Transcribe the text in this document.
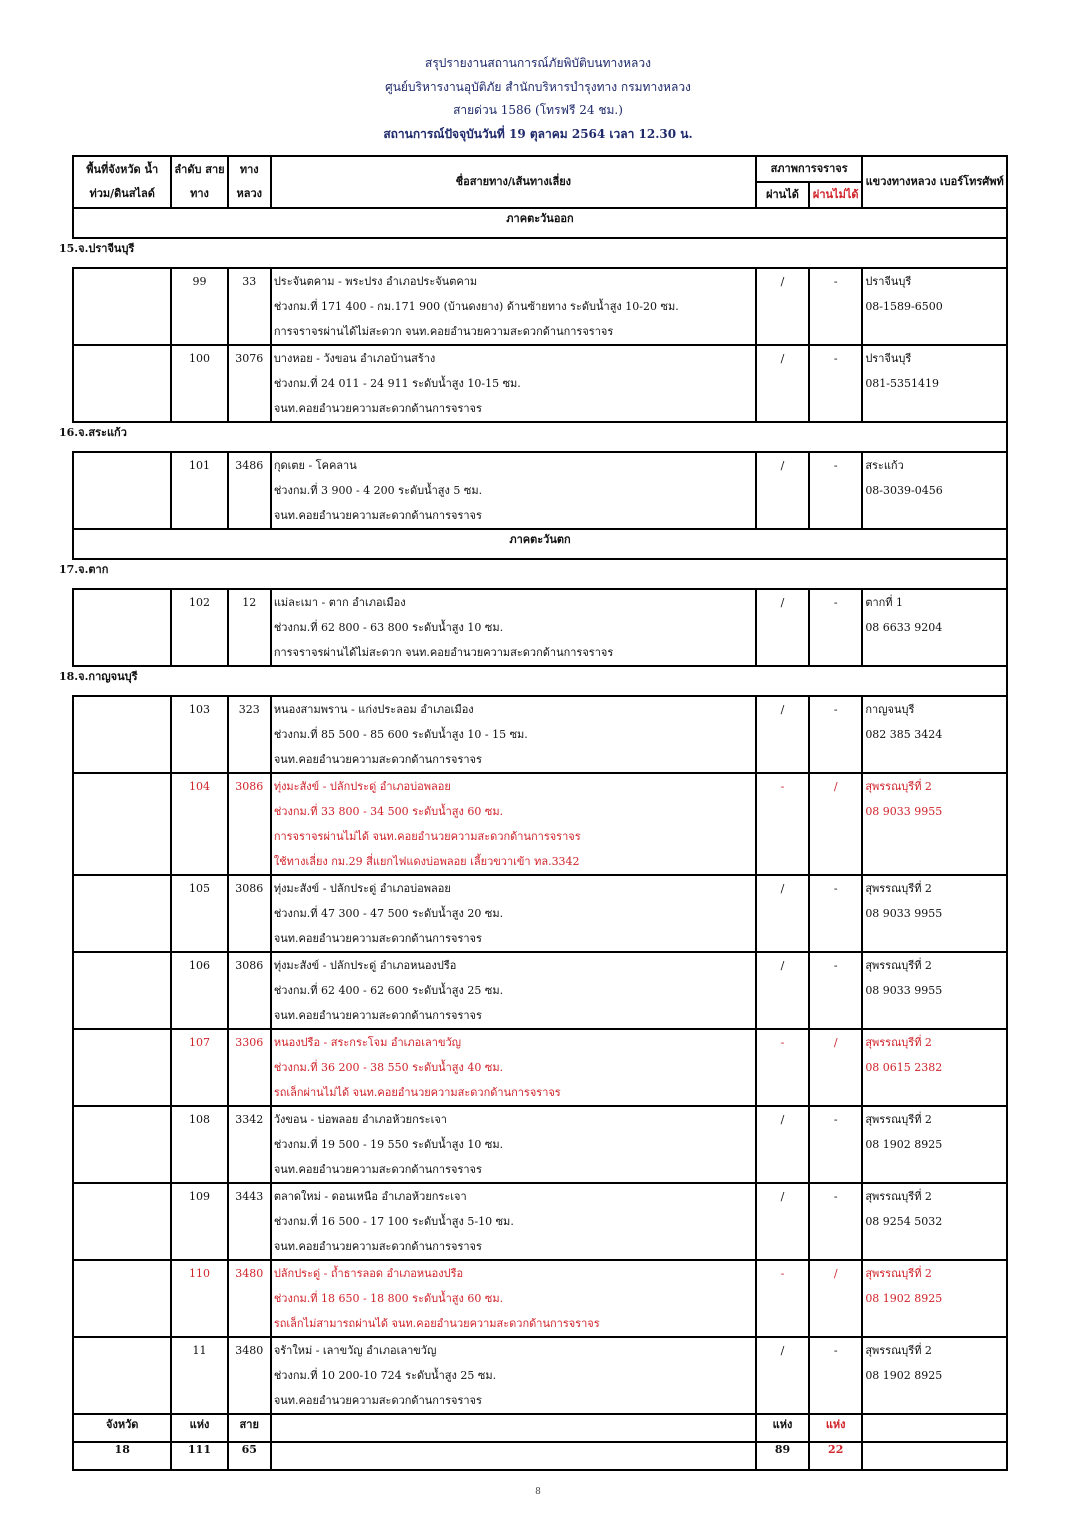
สรุปรายงานสถานการณ์ภัยพิบัติบนทางหลวง
ศูนย์บริหารงานอุบัติภัย สำนักบริหารบำรุงทาง กรมทางหลวง
สายด่วน 1586 (โทรฟรี 24 ชม.)
สถานการณ์ปัจจุบันวันที่ 19 ตุลาคม 2564 เวลา 12.30 น.
พื้นที่จังหวัด น้ำท่วม/ดินสไลด์	ลำดับ สายทาง	ทาง หลวง	ชื่อสายทาง/เส้นทางเลี่ยง	สภาพการจราจร		แขวงทางหลวง เบอร์โทรศัพท์
				ผ่านได้	ผ่านไม่ได้	
ภาคตะวันออก						
15.จ.ปราจีนบุรี						
	99	33	ประจันตคาม - พระปรง อำเภอประจันตคาม
ช่วงกม.ที่ 171 400 - กม.171 900 (บ้านดงยาง) ด้านซ้ายทาง ระดับน้ำสูง 10-20 ซม.
การจราจรผ่านได้ไม่สะดวก จนท.คอยอำนวยความสะดวกด้านการจราจร
	/	-	ปราจีนบุรี
08-1589-6500

	100	3076	บางหอย - วังขอน อำเภอบ้านสร้าง
ช่วงกม.ที่ 24 011 - 24 911 ระดับน้ำสูง 10-15 ซม.
จนท.คอยอำนวยความสะดวกด้านการจราจร
	/	-	ปราจีนบุรี
081-5351419

16.จ.สระแก้ว						
	101	3486	กุดเตย - โคคลาน
ช่วงกม.ที่ 3 900 - 4 200 ระดับน้ำสูง 5 ซม.
จนท.คอยอำนวยความสะดวกด้านการจราจร
	/	-	สระแก้ว
08-3039-0456

ภาคตะวันตก						
17.จ.ตาก						
	102	12	แม่ละเมา - ตาก อำเภอเมือง
ช่วงกม.ที่ 62 800 - 63 800 ระดับน้ำสูง 10 ซม.
การจราจรผ่านได้ไม่สะดวก จนท.คอยอำนวยความสะดวกด้านการจราจร
	/	-	ตากที่ 1
08 6633 9204

18.จ.กาญจนบุรี						
	103	323	หนองสามพราน - แก่งประลอม อำเภอเมือง
ช่วงกม.ที่ 85 500 - 85 600 ระดับน้ำสูง 10 - 15 ซม.
จนท.คอยอำนวยความสะดวกด้านการจราจร
	/	-	กาญจนบุรี
082 385 3424

	104	3086	ทุ่งมะสังข์ - ปลักประดู่ อำเภอบ่อพลอย
ช่วงกม.ที่ 33 800 - 34 500 ระดับน้ำสูง 60 ซม.
การจราจรผ่านไม่ได้ จนท.คอยอำนวยความสะดวกด้านการจราจร
ใช้ทางเลี่ยง กม.29 สี่แยกไฟแดงบ่อพลอย เลี้ยวขวาเข้า ทล.3342
	-	/	สุพรรณบุรีที่ 2
08 9033 9955

	105	3086	ทุ่งมะสังข์ - ปลักประดู่ อำเภอบ่อพลอย
ช่วงกม.ที่ 47 300 - 47 500 ระดับน้ำสูง 20 ซม.
จนท.คอยอำนวยความสะดวกด้านการจราจร
	/	-	สุพรรณบุรีที่ 2
08 9033 9955

	106	3086	ทุ่งมะสังข์ - ปลักประดู่ อำเภอหนองปรือ
ช่วงกม.ที่ 62 400 - 62 600 ระดับน้ำสูง 25 ซม.
จนท.คอยอำนวยความสะดวกด้านการจราจร
	/	-	สุพรรณบุรีที่ 2
08 9033 9955

	107	3306	หนองปรือ - สระกระโจม อำเภอเลาขวัญ
ช่วงกม.ที่ 36 200 - 38 550 ระดับน้ำสูง 40 ซม.
รถเล็กผ่านไม่ได้ จนท.คอยอำนวยความสะดวกด้านการจราจร
	-	/	สุพรรณบุรีที่ 2
08 0615 2382

	108	3342	วังขอน - บ่อพลอย อำเภอห้วยกระเจา
ช่วงกม.ที่ 19 500 - 19 550 ระดับน้ำสูง 10 ซม.
จนท.คอยอำนวยความสะดวกด้านการจราจร
	/	-	สุพรรณบุรีที่ 2
08 1902 8925

	109	3443	ตลาดใหม่ - ดอนเหนือ อำเภอห้วยกระเจา
ช่วงกม.ที่ 16 500 - 17 100 ระดับน้ำสูง 5-10 ซม.
จนท.คอยอำนวยความสะดวกด้านการจราจร
	/	-	สุพรรณบุรีที่ 2
08 9254 5032

	110	3480	ปลักประดู่ - ถ้ำธารลอด อำเภอหนองปรือ
ช่วงกม.ที่ 18 650 - 18 800 ระดับน้ำสูง 60 ซม.
รถเล็กไม่สามารถผ่านได้ จนท.คอยอำนวยความสะดวกด้านการจราจร
	-	/	สุพรรณบุรีที่ 2
08 1902 8925

	11	3480	จรัาใหม่ - เลาขวัญ อำเภอเลาขวัญ
ช่วงกม.ที่ 10 200-10 724 ระดับน้ำสูง 25 ซม.
จนท.คอยอำนวยความสะดวกด้านการจราจร
	/	-	สุพรรณบุรีที่ 2
08 1902 8925

จังหวัด	แห่ง	สาย		แห่ง	แห่ง	
18	111	65		89	22	
8
